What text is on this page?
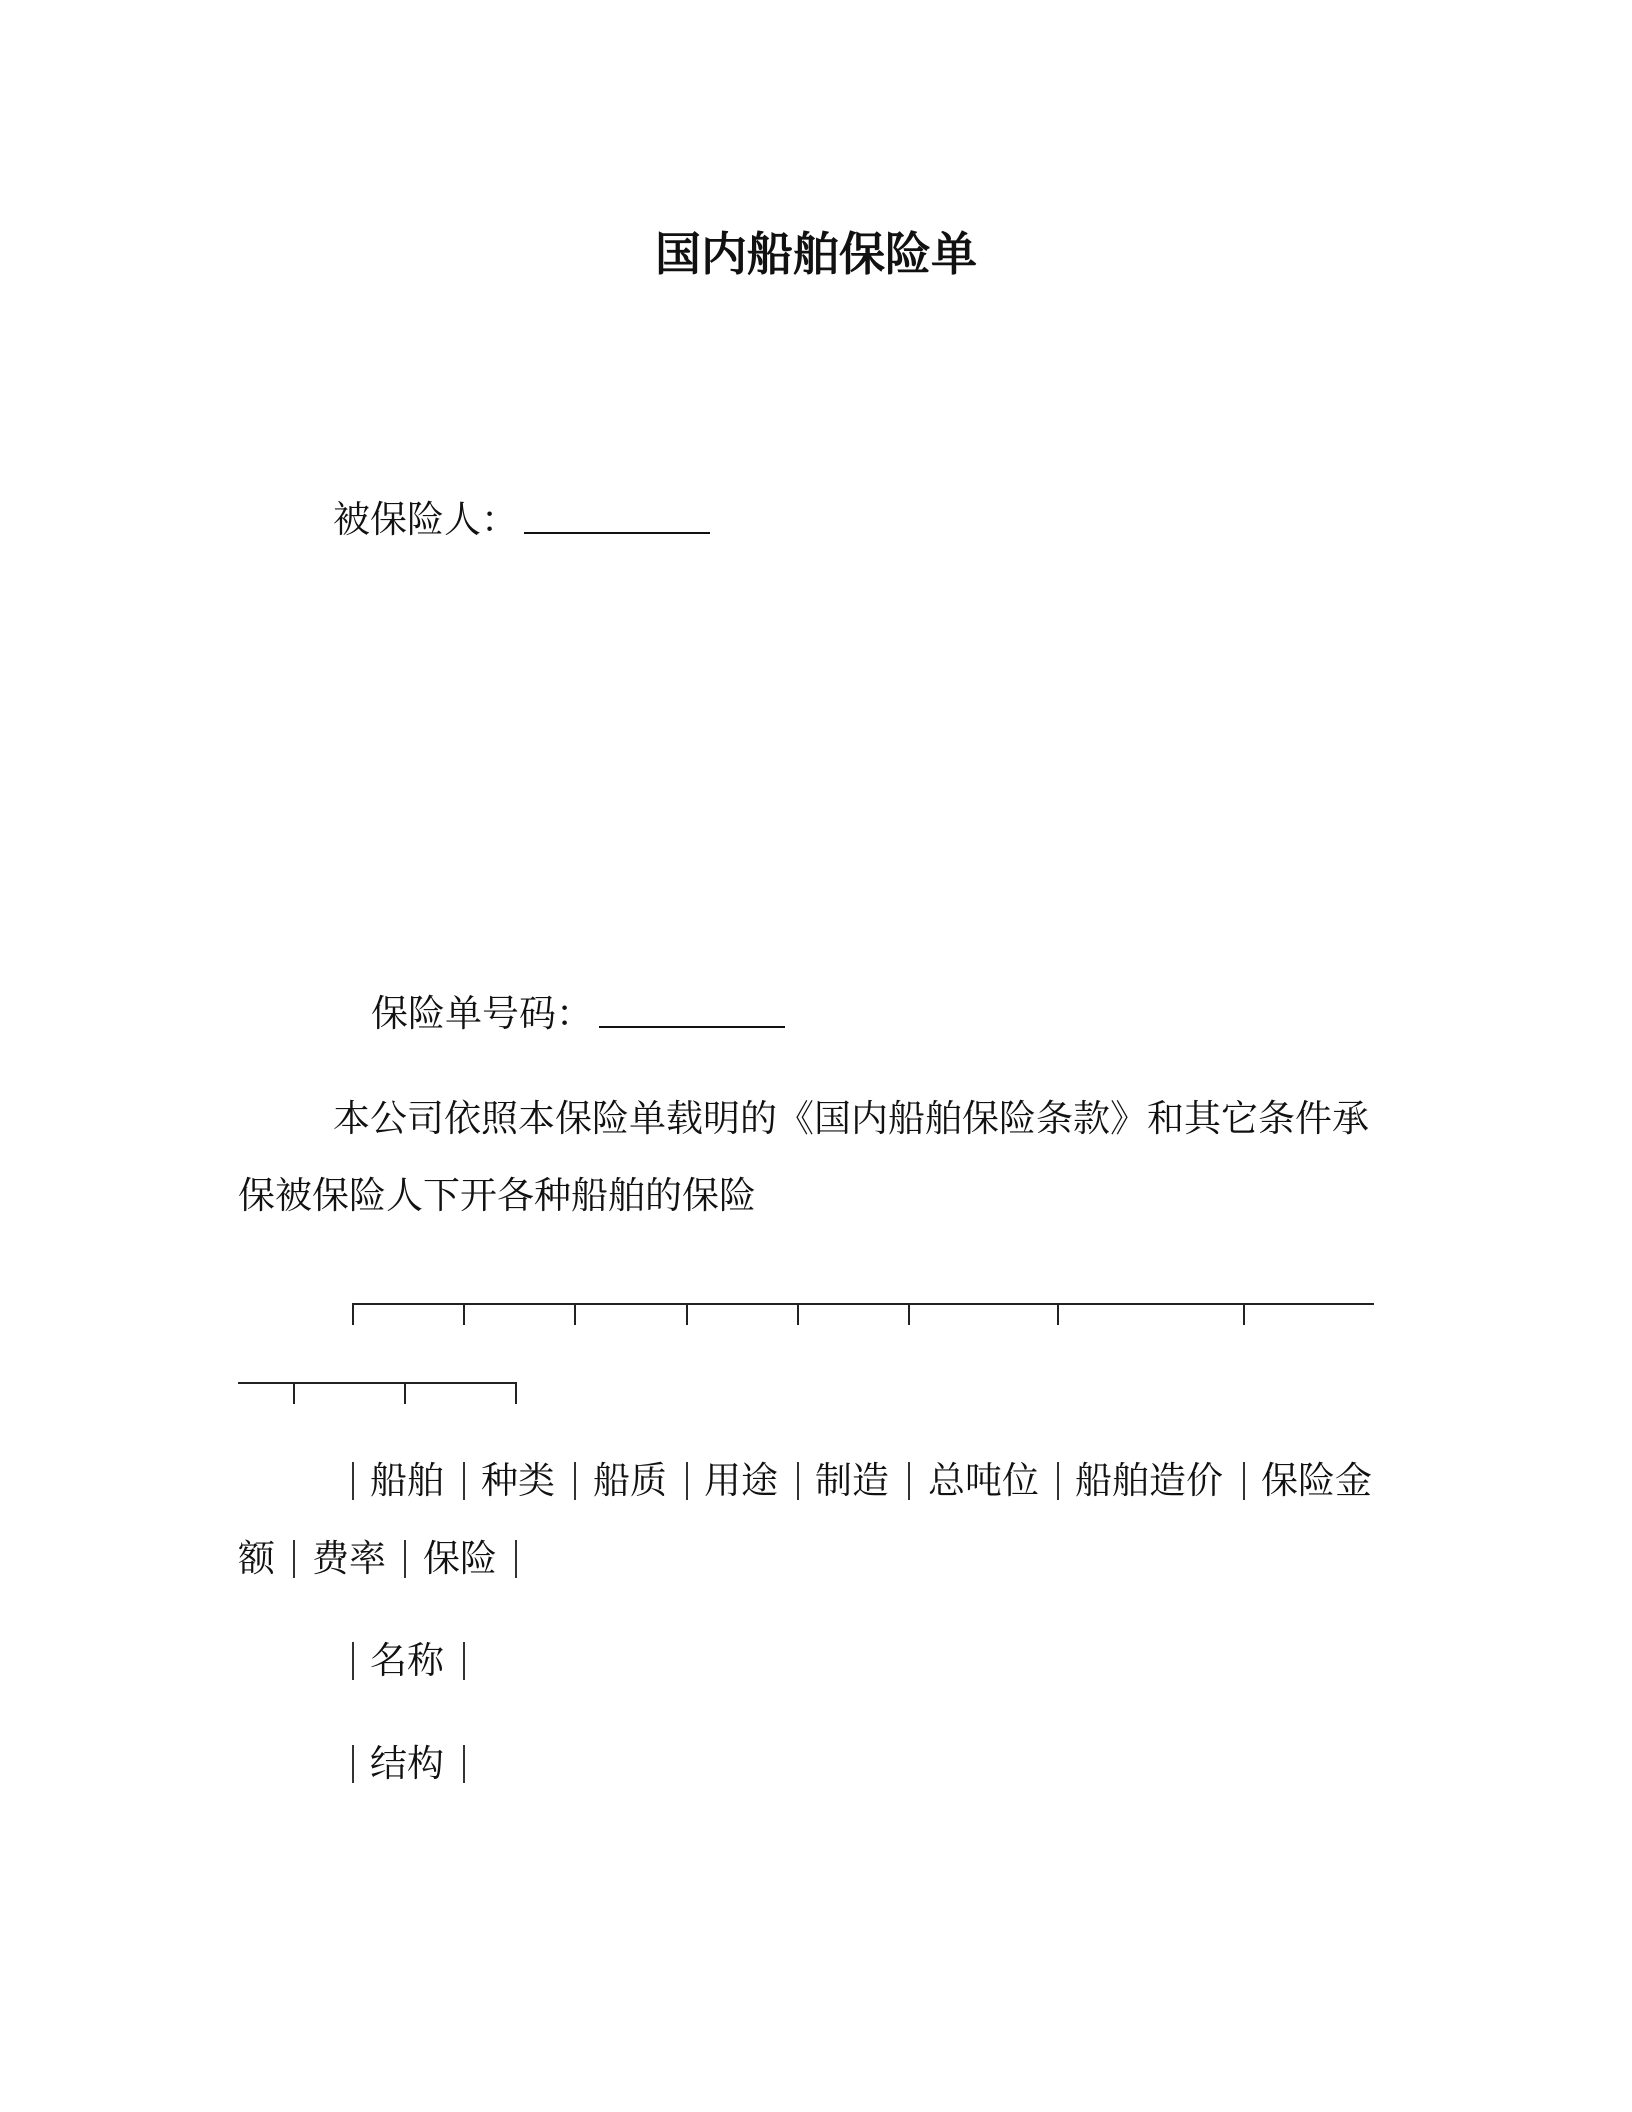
国内船舶保险单
被保险人：
保险单号码：
本公司依照本保险单载明的《国内船舶保险条款》和其它条件承
保被保险人下开各种船舶的保险
船舶 种类 船质 用途 制造 总吨位 船舶造价 保险金
额 费率 保险
名称
结构
